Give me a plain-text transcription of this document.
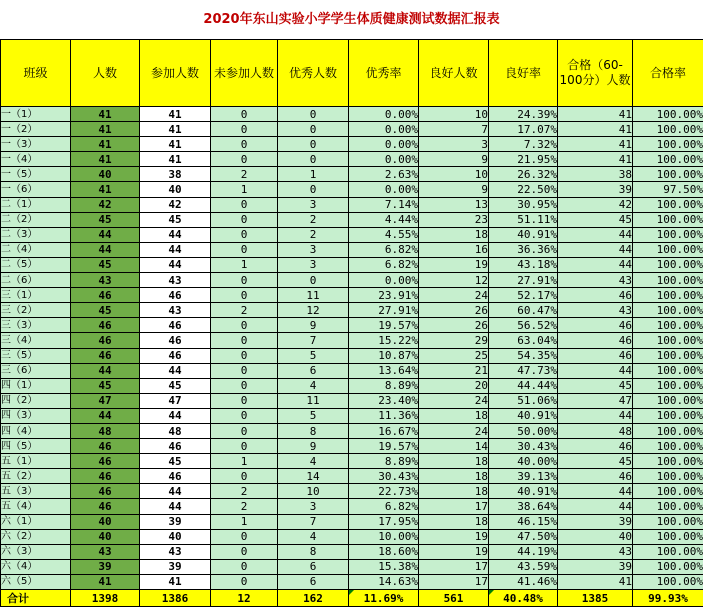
2020年东山实验小学学生体质健康测试数据汇报表
班级	人数	参加人数	未参加人数	优秀人数	优秀率	良好人数	良好率	合格（60-100分）人数	合格率
一（1）	41	41	0	0	0.00%	10	24.39%	41	100.00%
一（2）	41	41	0	0	0.00%	7	17.07%	41	100.00%
一（3）	41	41	0	0	0.00%	3	7.32%	41	100.00%
一（4）	41	41	0	0	0.00%	9	21.95%	41	100.00%
一（5）	40	38	2	1	2.63%	10	26.32%	38	100.00%
一（6）	41	40	1	0	0.00%	9	22.50%	39	97.50%
二（1）	42	42	0	3	7.14%	13	30.95%	42	100.00%
二（2）	45	45	0	2	4.44%	23	51.11%	45	100.00%
二（3）	44	44	0	2	4.55%	18	40.91%	44	100.00%
二（4）	44	44	0	3	6.82%	16	36.36%	44	100.00%
二（5）	45	44	1	3	6.82%	19	43.18%	44	100.00%
二（6）	43	43	0	0	0.00%	12	27.91%	43	100.00%
三（1）	46	46	0	11	23.91%	24	52.17%	46	100.00%
三（2）	45	43	2	12	27.91%	26	60.47%	43	100.00%
三（3）	46	46	0	9	19.57%	26	56.52%	46	100.00%
三（4）	46	46	0	7	15.22%	29	63.04%	46	100.00%
三（5）	46	46	0	5	10.87%	25	54.35%	46	100.00%
三（6）	44	44	0	6	13.64%	21	47.73%	44	100.00%
四（1）	45	45	0	4	8.89%	20	44.44%	45	100.00%
四（2）	47	47	0	11	23.40%	24	51.06%	47	100.00%
四（3）	44	44	0	5	11.36%	18	40.91%	44	100.00%
四（4）	48	48	0	8	16.67%	24	50.00%	48	100.00%
四（5）	46	46	0	9	19.57%	14	30.43%	46	100.00%
五（1）	46	45	1	4	8.89%	18	40.00%	45	100.00%
五（2）	46	46	0	14	30.43%	18	39.13%	46	100.00%
五（3）	46	44	2	10	22.73%	18	40.91%	44	100.00%
五（4）	46	44	2	3	6.82%	17	38.64%	44	100.00%
六（1）	40	39	1	7	17.95%	18	46.15%	39	100.00%
六（2）	40	40	0	4	10.00%	19	47.50%	40	100.00%
六（3）	43	43	0	8	18.60%	19	44.19%	43	100.00%
六（4）	39	39	0	6	15.38%	17	43.59%	39	100.00%
六（5）	41	41	0	6	14.63%	17	41.46%	41	100.00%
合计	1398	1386	12	162	11.69%	561	40.48%	1385	99.93%
